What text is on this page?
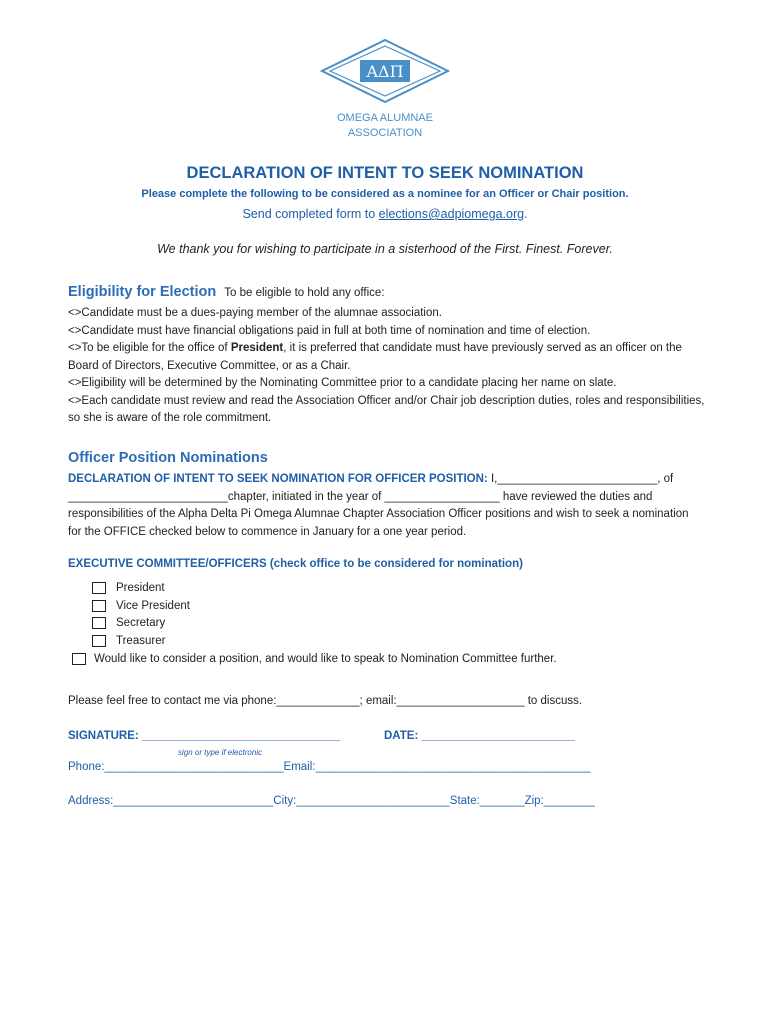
ΑΔΠ
OMEGA ALUMNAE
ASSOCIATION
DECLARATION OF INTENT TO SEEK NOMINATION
Please complete the following to be considered as a nominee for an Officer or Chair position.
Send completed form to elections@adpiomega.org.
We thank you for wishing to participate in a sisterhood of the First. Finest. Forever.
Eligibility for Election To be eligible to hold any office:
<>Candidate must be a dues-paying member of the alumnae association.
<>Candidate must have financial obligations paid in full at both time of nomination and time of election.
<>To be eligible for the office of President, it is preferred that candidate must have previously served as an officer on the Board of Directors, Executive Committee, or as a Chair.
<>Eligibility will be determined by the Nominating Committee prior to a candidate placing her name on slate.
<>Each candidate must review and read the Association Officer and/or Chair job description duties, roles and responsibilities, so she is aware of the role commitment.
Officer Position Nominations
DECLARATION OF INTENT TO SEEK NOMINATION FOR OFFICER POSITION: I,_________________________, of _________________________chapter, initiated in the year of __________________ have reviewed the duties and responsibilities of the Alpha Delta Pi Omega Alumnae Chapter Association Officer positions and wish to seek a nomination for the OFFICE checked below to commence in January for a one year period.
EXECUTIVE COMMITTEE/OFFICERS (check office to be considered for nomination)
President
Vice President
Secretary
Treasurer
Would like to consider a position, and would like to speak to Nomination Committee further.
Please feel free to contact me via phone:_____________; email:____________________ to discuss.
SIGNATURE: _______________________________	DATE: ________________________
sign or type if electronic
Phone:____________________________Email:___________________________________________
Address:_________________________City:________________________State:_______Zip:________
